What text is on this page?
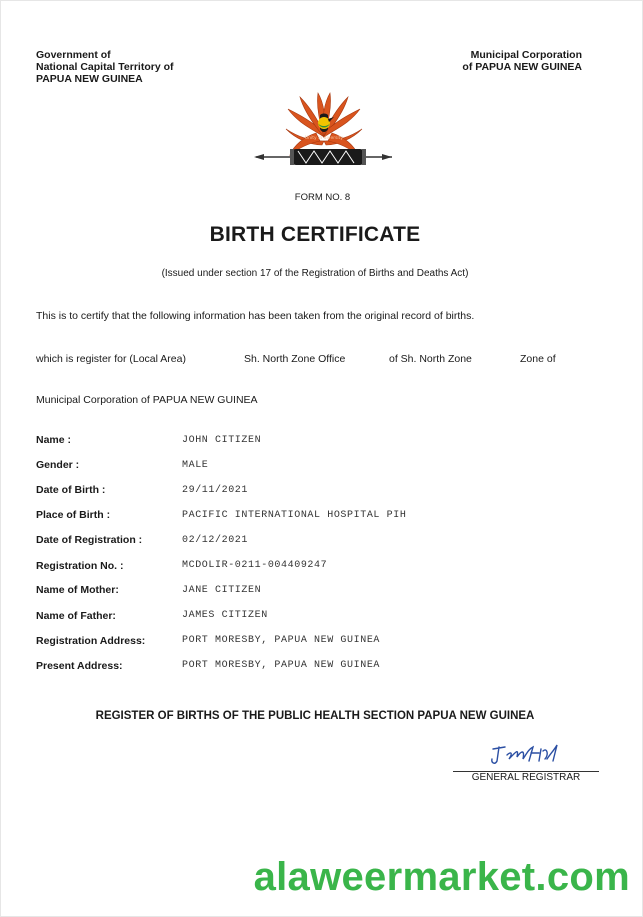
Government of
National Capital Territory of
PAPUA NEW GUINEA
Municipal Corporation
of PAPUA NEW GUINEA
Unity in diversity
FORM NO. 8
BIRTH CERTIFICATE
(Issued under section 17 of the Registration of Births and Deaths Act)
This is to certify that the following information has been taken from the original record of births.
which is register for (Local Area)	Sh. North Zone Office	of Sh. North Zone	Zone of
Municipal Corporation of PAPUA NEW GUINEA
Name :	JOHN CITIZEN
Gender :	MALE
Date of Birth :	29/11/2021
Place of Birth :	PACIFIC INTERNATIONAL HOSPITAL PIH
Date of Registration :	02/12/2021
Registration No. :	MCDOLIR-0211-004409247
Name of Mother:	JANE CITIZEN
Name of Father:	JAMES CITIZEN
Registration Address:	PORT MORESBY, PAPUA NEW GUINEA
Present Address:	PORT MORESBY, PAPUA NEW GUINEA
REGISTER OF BIRTHS OF THE PUBLIC HEALTH SECTION PAPUA NEW GUINEA
GENERAL REGISTRAR
alaweermarket.com
